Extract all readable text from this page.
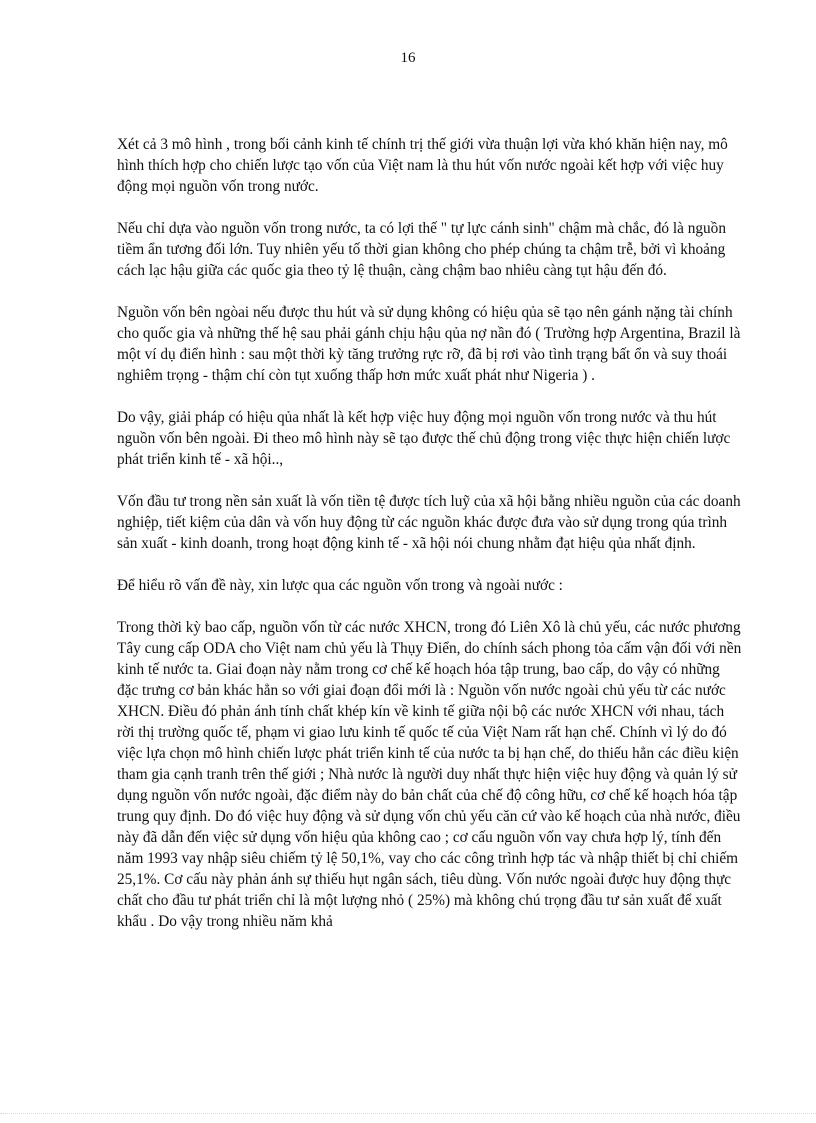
16

Xét cả 3 mô hình , trong bối cảnh kinh tế chính trị thế giới vừa thuận lợi vừa khó khăn hiện nay, mô hình thích hợp cho chiến lược tạo vốn của Việt nam là thu hút vốn nước ngoài kết hợp với việc huy động mọi nguồn vốn trong nước.

Nếu chỉ dựa vào nguồn vốn trong nước, ta có lợi thế " tự lực cánh sinh" chậm mà chắc, đó là nguồn tiềm ẩn tương đối lớn. Tuy nhiên yếu tố thời gian không cho phép chúng ta chậm trễ, bởi vì khoảng cách lạc hậu giữa các quốc gia theo tỷ lệ thuận, càng chậm bao nhiêu càng tụt hậu đến đó.

Nguồn vốn bên ngòai nếu được thu hút và sử dụng không có hiệu qủa sẽ tạo nên gánh nặng tài chính cho quốc gia và những thế hệ sau phải gánh chịu hậu qủa nợ nần đó ( Trường hợp Argentina, Brazil là một ví dụ điển hình : sau một thời kỳ tăng trưởng rực rỡ, đã bị rơi vào tình trạng bất ổn và suy thoái nghiêm trọng - thậm chí còn tụt xuống thấp hơn mức xuất phát như Nigeria ) .

Do vậy, giải pháp có hiệu qủa nhất là kết hợp việc huy động mọi nguồn vốn trong nước và thu hút nguồn vốn bên ngoài. Đi theo mô hình này sẽ tạo được thế chủ động trong việc thực hiện chiến lược phát triển kinh tế - xã hội..,

Vốn đầu tư trong nền sản xuất là vốn tiền tệ được tích luỹ của xã hội bằng nhiều nguồn của các doanh nghiệp, tiết kiệm của dân và vốn huy động từ các nguồn khác được đưa vào sử dụng trong qúa trình sản xuất - kinh doanh, trong hoạt động kinh tế - xã hội nói chung nhằm đạt hiệu qủa nhất định.

Để hiểu rõ vấn đề này, xin lược qua các nguồn vốn trong và ngoài nước :

Trong thời kỳ bao cấp, nguồn vốn từ các nước XHCN, trong đó Liên Xô là chủ yếu, các nước phương Tây cung cấp ODA cho Việt nam chủ yếu là Thụy Điển, do chính sách phong tỏa cấm vận đối với nền kinh tế nước ta. Giai đoạn này nằm trong cơ chế kế hoạch hóa tập trung, bao cấp, do vậy có những đặc trưng cơ bản khác hẳn so với giai đoạn đổi mới là : Nguồn vốn nước ngoài chủ yếu từ các nước XHCN. Điều đó phản ánh tính chất khép kín về kinh tế giữa nội bộ các nước XHCN với nhau, tách rời thị trường quốc tế, phạm vi giao lưu kinh tế quốc tế của Việt Nam rất hạn chế. Chính vì lý do đó việc lựa chọn mô hình chiến lược phát triển kinh tế của nước ta bị hạn chế, do thiếu hẳn các điều kiện tham gia cạnh tranh trên thế giới ; Nhà nước là người duy nhất thực hiện việc huy động và quản lý sử dụng nguồn vốn nước ngoài, đặc điểm này do bản chất của chế độ công hữu, cơ chế kế hoạch hóa tập trung quy định. Do đó việc huy động và sử dụng vốn chủ yếu căn cứ vào kế hoạch của nhà nước, điều này đã dẫn đến việc sử dụng vốn hiệu qủa không cao ; cơ cấu nguồn vốn vay chưa hợp lý, tính đến năm 1993 vay nhập siêu chiếm tỷ lệ 50,1%, vay cho các công trình hợp tác và nhập thiết bị chỉ chiếm 25,1%. Cơ cấu này phản ánh sự thiếu hụt ngân sách, tiêu dùng. Vốn nước ngoài được huy động thực chất cho đầu tư phát triển chỉ là một lượng nhỏ ( 25%) mà không chú trọng đầu tư sản xuất để xuất khẩu . Do vậy trong nhiều năm khả
